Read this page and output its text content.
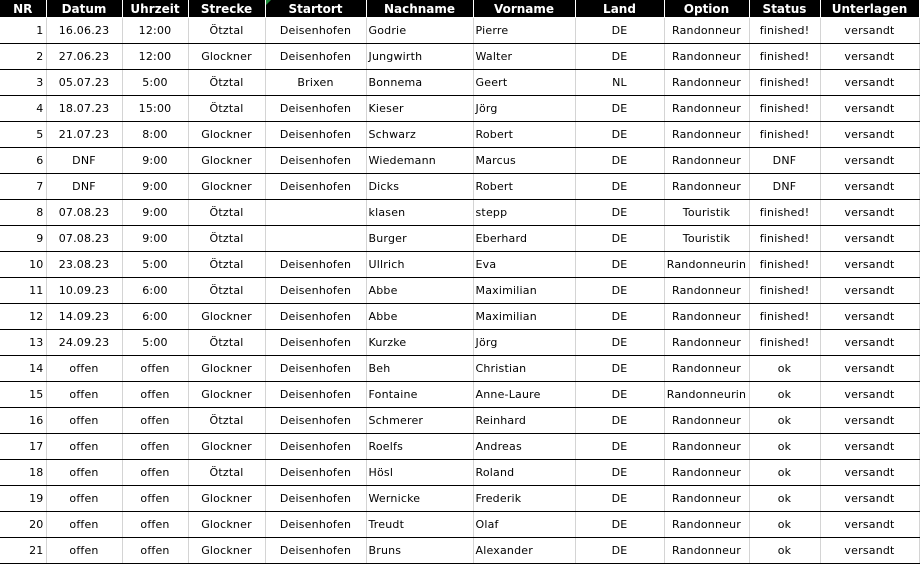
NR	Datum	Uhrzeit	Strecke	Startort	Nachname	Vorname	Land	Option	Status	Unterlagen
1	16.06.23	12:00	Ötztal	Deisenhofen	Godrie	Pierre	DE	Randonneur	finished!	versandt
2	27.06.23	12:00	Glockner	Deisenhofen	Jungwirth	Walter	DE	Randonneur	finished!	versandt
3	05.07.23	5:00	Ötztal	Brixen	Bonnema	Geert	NL	Randonneur	finished!	versandt
4	18.07.23	15:00	Ötztal	Deisenhofen	Kieser	Jörg	DE	Randonneur	finished!	versandt
5	21.07.23	8:00	Glockner	Deisenhofen	Schwarz	Robert	DE	Randonneur	finished!	versandt
6	DNF	9:00	Glockner	Deisenhofen	Wiedemann	Marcus	DE	Randonneur	DNF	versandt
7	DNF	9:00	Glockner	Deisenhofen	Dicks	Robert	DE	Randonneur	DNF	versandt
8	07.08.23	9:00	Ötztal		klasen	stepp	DE	Touristik	finished!	versandt
9	07.08.23	9:00	Ötztal		Burger	Eberhard	DE	Touristik	finished!	versandt
10	23.08.23	5:00	Ötztal	Deisenhofen	Ullrich	Eva	DE	Randonneurin	finished!	versandt
11	10.09.23	6:00	Ötztal	Deisenhofen	Abbe	Maximilian	DE	Randonneur	finished!	versandt
12	14.09.23	6:00	Glockner	Deisenhofen	Abbe	Maximilian	DE	Randonneur	finished!	versandt
13	24.09.23	5:00	Ötztal	Deisenhofen	Kurzke	Jörg	DE	Randonneur	finished!	versandt
14	offen	offen	Glockner	Deisenhofen	Beh	Christian	DE	Randonneur	ok	versandt
15	offen	offen	Glockner	Deisenhofen	Fontaine	Anne-Laure	DE	Randonneurin	ok	versandt
16	offen	offen	Ötztal	Deisenhofen	Schmerer	Reinhard	DE	Randonneur	ok	versandt
17	offen	offen	Glockner	Deisenhofen	Roelfs	Andreas	DE	Randonneur	ok	versandt
18	offen	offen	Ötztal	Deisenhofen	Hösl	Roland	DE	Randonneur	ok	versandt
19	offen	offen	Glockner	Deisenhofen	Wernicke	Frederik	DE	Randonneur	ok	versandt
20	offen	offen	Glockner	Deisenhofen	Treudt	Olaf	DE	Randonneur	ok	versandt
21	offen	offen	Glockner	Deisenhofen	Bruns	Alexander	DE	Randonneur	ok	versandt
